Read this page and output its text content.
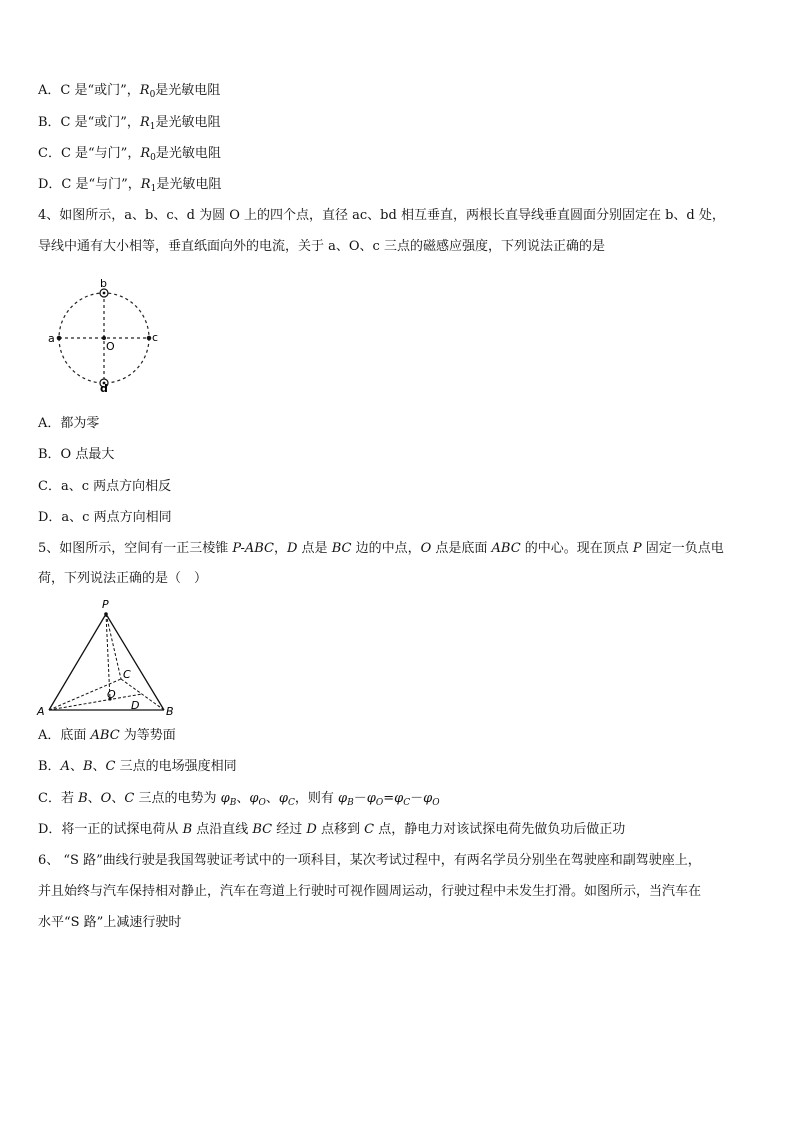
A．C 是“或门”，$R_0$是光敏电阻
B．C 是“或门”，$R_1$是光敏电阻
C．C 是“与门”，$R_0$是光敏电阻
D．C 是“与门”，$R_1$是光敏电阻
4、如图所示，a、b、c、d 为圆 O 上的四个点，直径 ac、bd 相互垂直，两根长直导线垂直圆面分别固定在 b、d 处，
导线中通有大小相等，垂直纸面向外的电流，关于 a、O、c 三点的磁感应强度，下列说法正确的是
a
b
c
d
O
A．都为零
B．O 点最大
C．a、c 两点方向相反
D．a、c 两点方向相同
5、如图所示，空间有一正三棱锥 P-ABC，D 点是 BC 边的中点，O 点是底面 ABC 的中心。现在顶点 P 固定一负点电
荷，下列说法正确的是（　）
P
A	B
C
O
D
A．底面 ABC 为等势面
B．A、B、C 三点的电场强度相同
C．若 B、O、C 三点的电势为 $\varphi_B$、$\varphi_O$、$\varphi_C$，则有 $\varphi_B-\varphi_O=\varphi_C-\varphi_O$
D．将一正的试探电荷从 B 点沿直线 BC 经过 D 点移到 C 点，静电力对该试探电荷先做负功后做正功
6、 “S 路”曲线行驶是我国驾驶证考试中的一项科目，某次考试过程中，有两名学员分别坐在驾驶座和副驾驶座上，
并且始终与汽车保持相对静止，汽车在弯道上行驶时可视作圆周运动，行驶过程中未发生打滑。如图所示，当汽车在
水平“S 路”上减速行驶时
